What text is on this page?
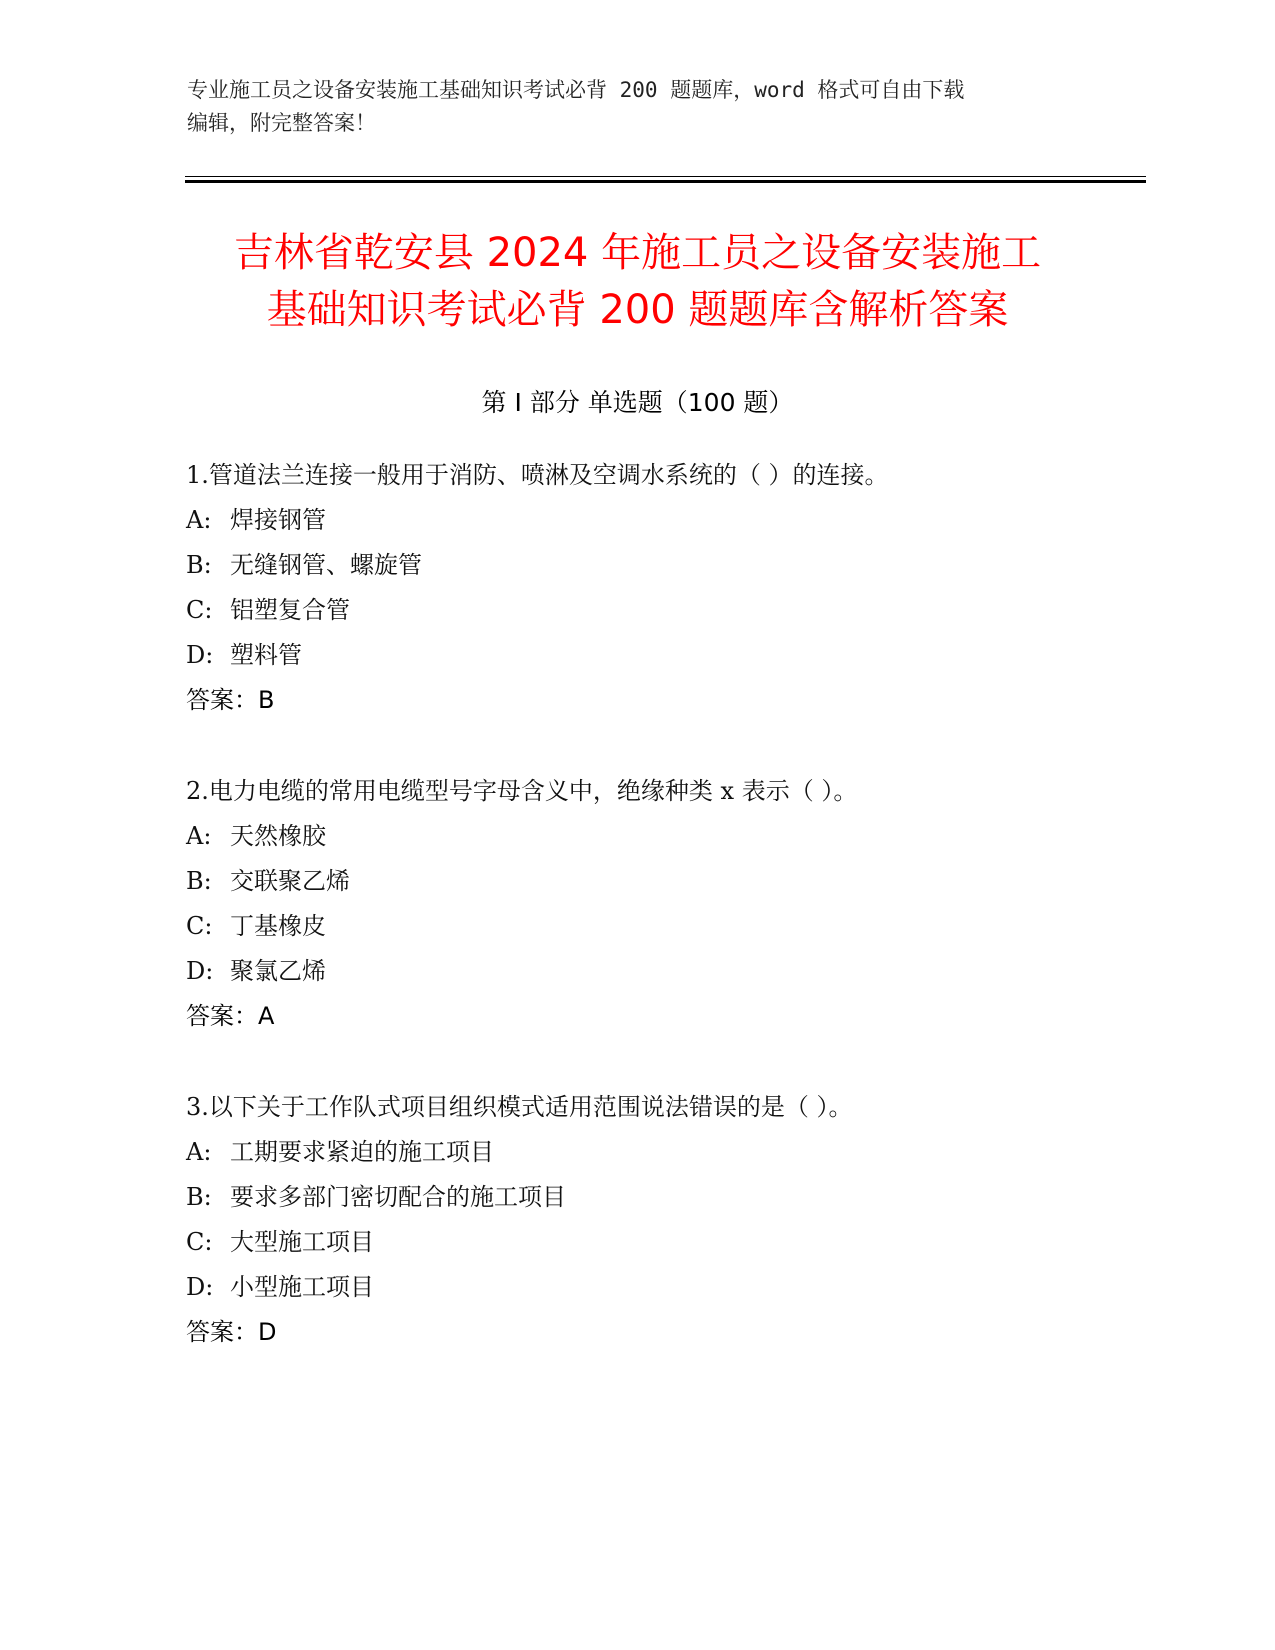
专业施工员之设备安装施工基础知识考试必背 200 题题库，word 格式可自由下载
编辑，附完整答案！
吉林省乾安县 2024 年施工员之设备安装施工
基础知识考试必背 200 题题库含解析答案
第 I 部分 单选题（100 题）
1.管道法兰连接一般用于消防、喷淋及空调水系统的（ ）的连接。
A: 焊接钢管
B: 无缝钢管、螺旋管
C: 铝塑复合管
D: 塑料管
答案：B
2.电力电缆的常用电缆型号字母含义中，绝缘种类 x 表示（ ）。
A: 天然橡胶
B: 交联聚乙烯
C: 丁基橡皮
D: 聚氯乙烯
答案：A
3.以下关于工作队式项目组织模式适用范围说法错误的是（ ）。
A: 工期要求紧迫的施工项目
B: 要求多部门密切配合的施工项目
C: 大型施工项目
D: 小型施工项目
答案：D
